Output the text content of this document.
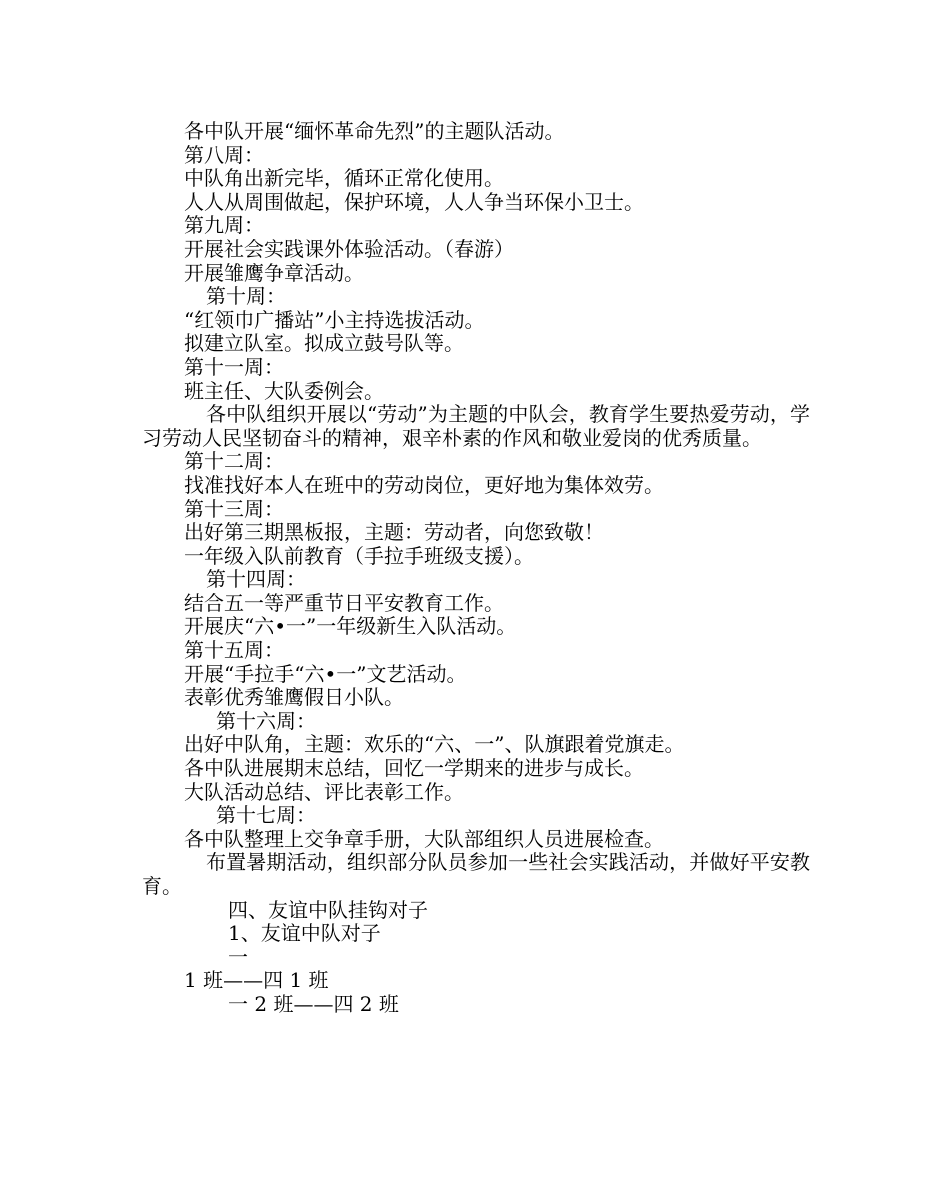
各中队开展“缅怀革命先烈”的主题队活动。
第八周：
中队角出新完毕，循环正常化使用。
人人从周围做起，保护环境，人人争当环保小卫士。
第九周：
开展社会实践课外体验活动。（春游）
开展雏鹰争章活动。
第十周：
“红领巾广播站”小主持选拔活动。
拟建立队室。拟成立鼓号队等。
第十一周：
班主任、大队委例会。
各中队组织开展以“劳动”为主题的中队会，教育学生要热爱劳动，学习劳动人民坚韧奋斗的精神，艰辛朴素的作风和敬业爱岗的优秀质量。
第十二周：
找准找好本人在班中的劳动岗位，更好地为集体效劳。
第十三周：
出好第三期黑板报，主题：劳动者，向您致敬！
一年级入队前教育（手拉手班级支援）。
第十四周：
结合五一等严重节日平安教育工作。
开展庆“六•一”一年级新生入队活动。
第十五周：
开展“手拉手“六•一”文艺活动。
表彰优秀雏鹰假日小队。
第十六周：
出好中队角，主题：欢乐的“六、一”、队旗跟着党旗走。
各中队进展期末总结，回忆一学期来的进步与成长。
大队活动总结、评比表彰工作。
第十七周：
各中队整理上交争章手册，大队部组织人员进展检查。
布置暑期活动，组织部分队员参加一些社会实践活动，并做好平安教育。
四、友谊中队挂钩对子
1、友谊中队对子
一
1 班——四 1 班
一 2 班——四 2 班
